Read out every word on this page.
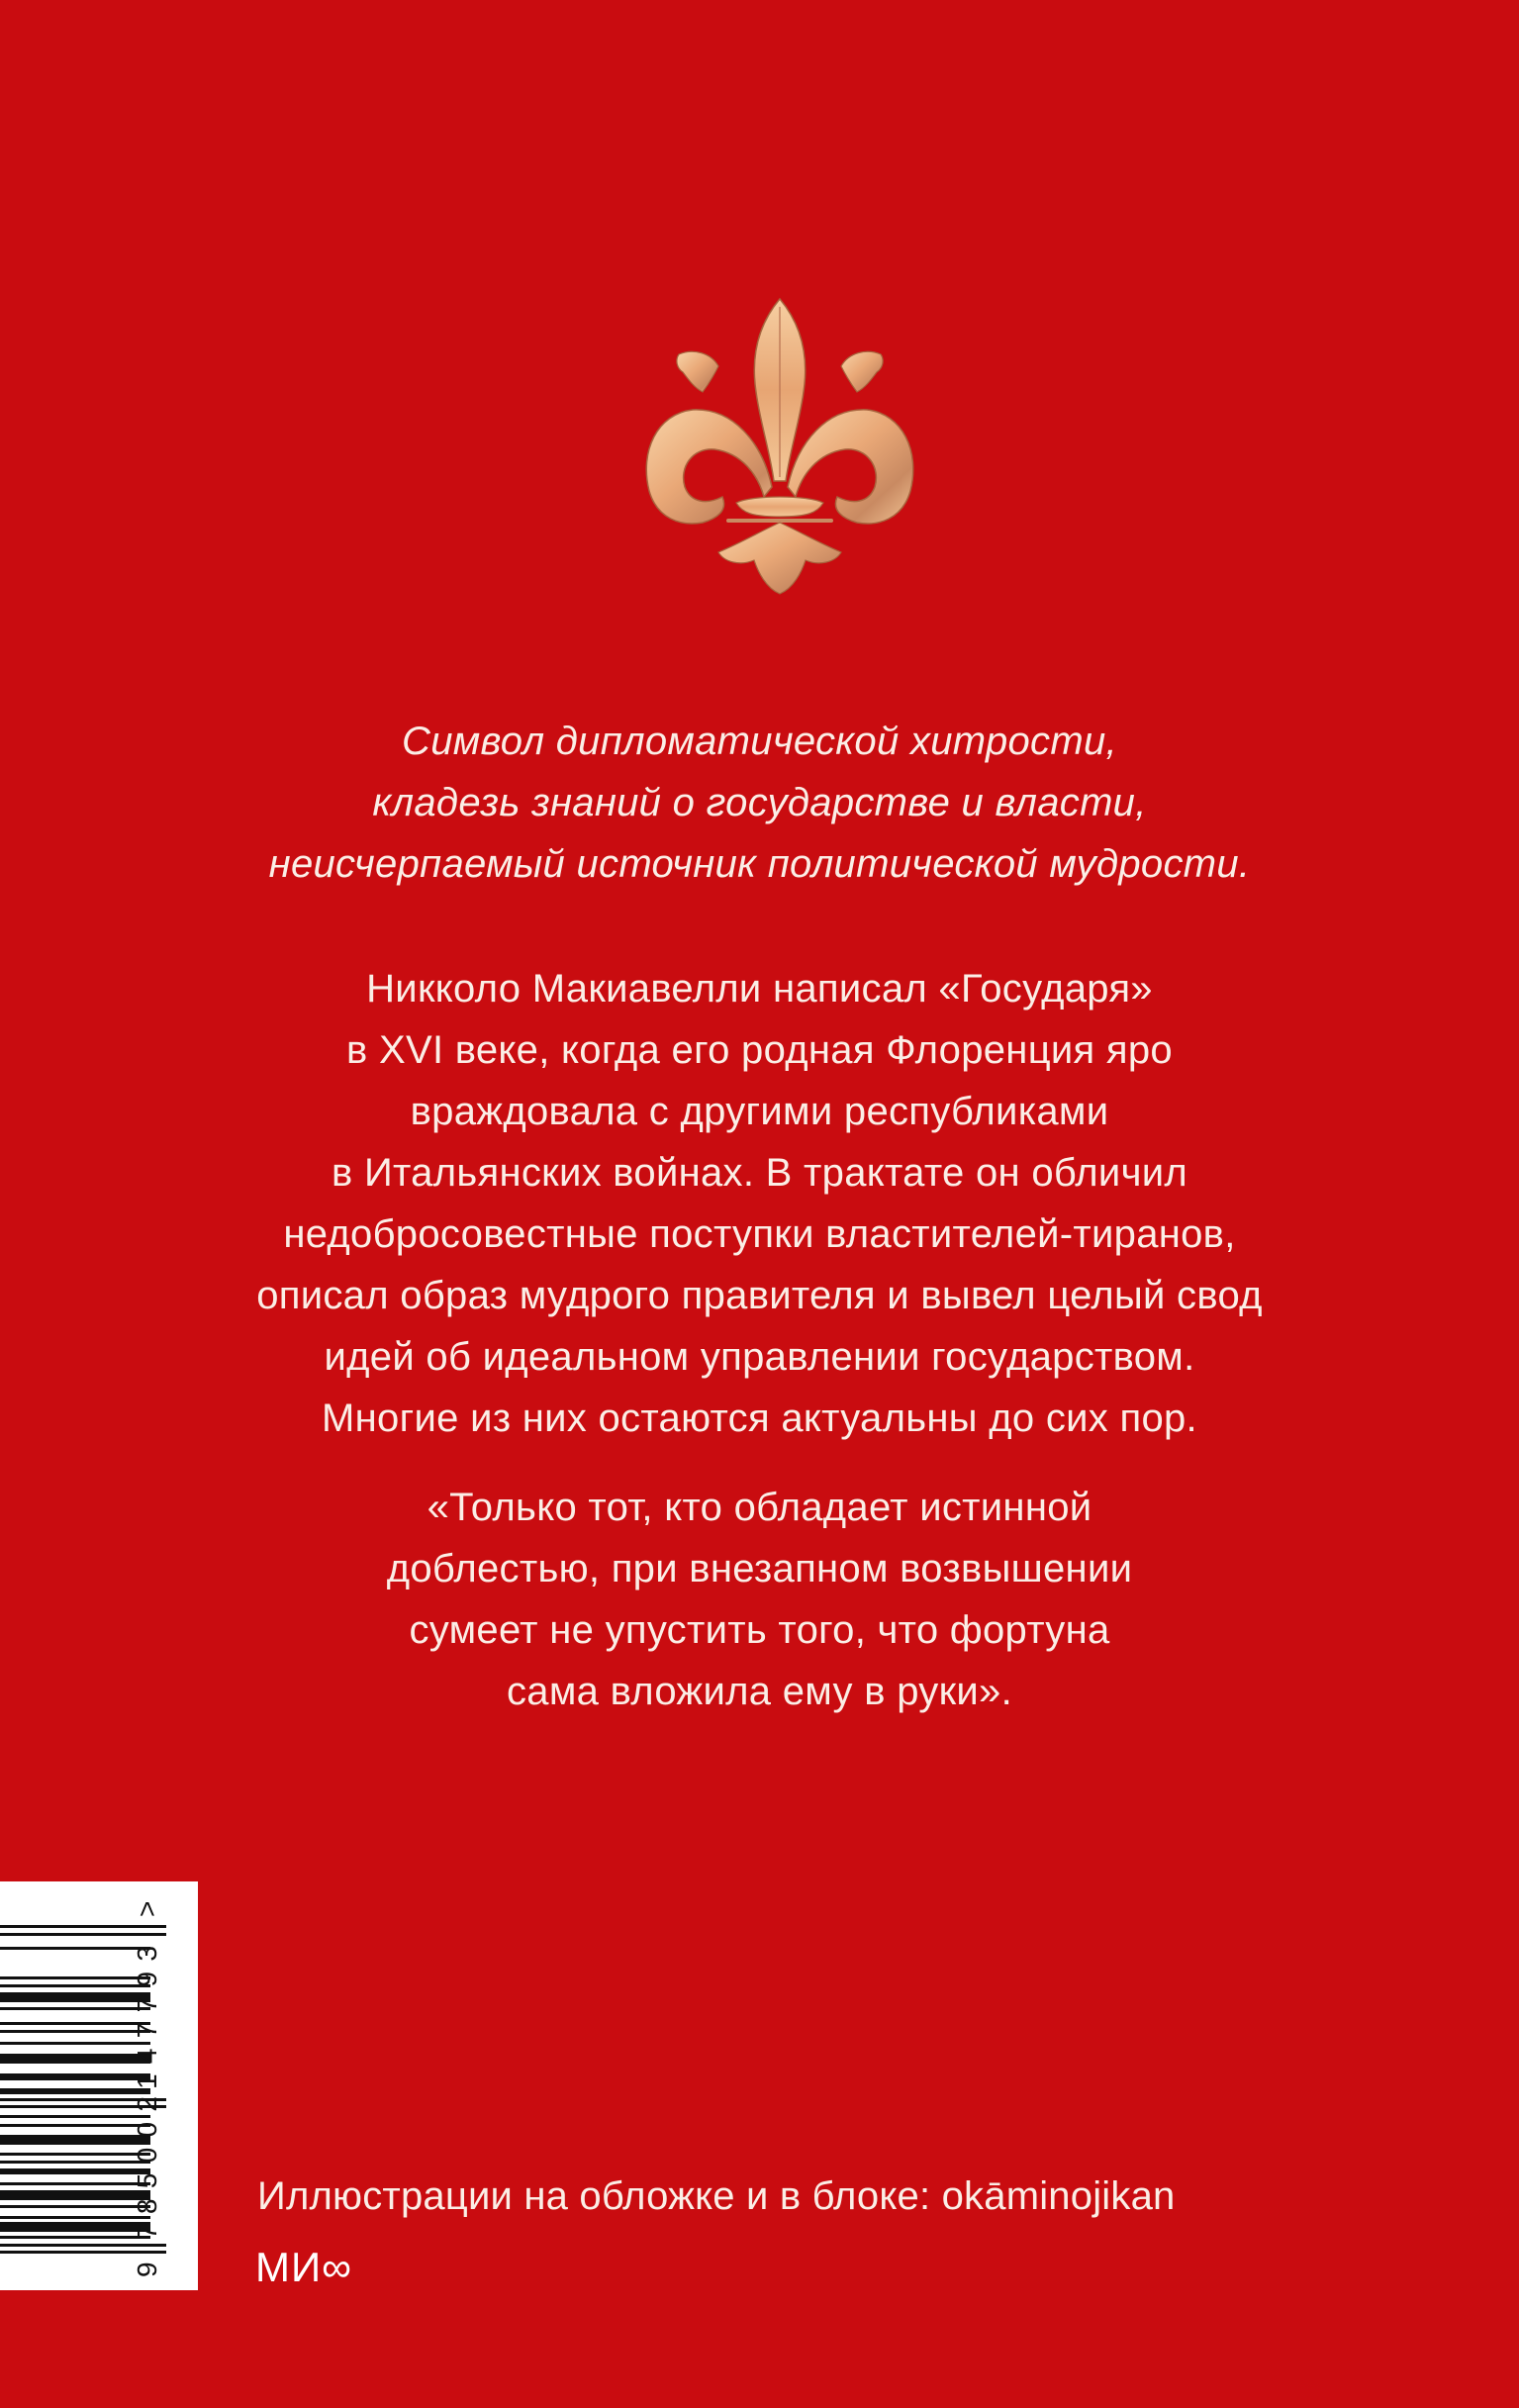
Символ дипломатической хитрости,
кладезь знаний о государстве и власти,
неисчерпаемый источник политической мудрости.
Никколо Макиавелли написал «Государя»
в XVI веке, когда его родная Флоренция яро
враждовала с другими республиками
в Итальянских войнах. В трактате он обличил
недобросовестные поступки властителей-тиранов,
описал образ мудрого правителя и вывел целый свод
идей об идеальном управлении государством.
Многие из них остаются актуальны до сих пор.
«Только тот, кто обладает истинной
доблестью, при внезапном возвышении
сумеет не упустить того, что фортуна
сама вложила ему в руки».
9
785002
147793
>
Иллюстрации на обложке и в блоке: okāminojikan
МИ∞
